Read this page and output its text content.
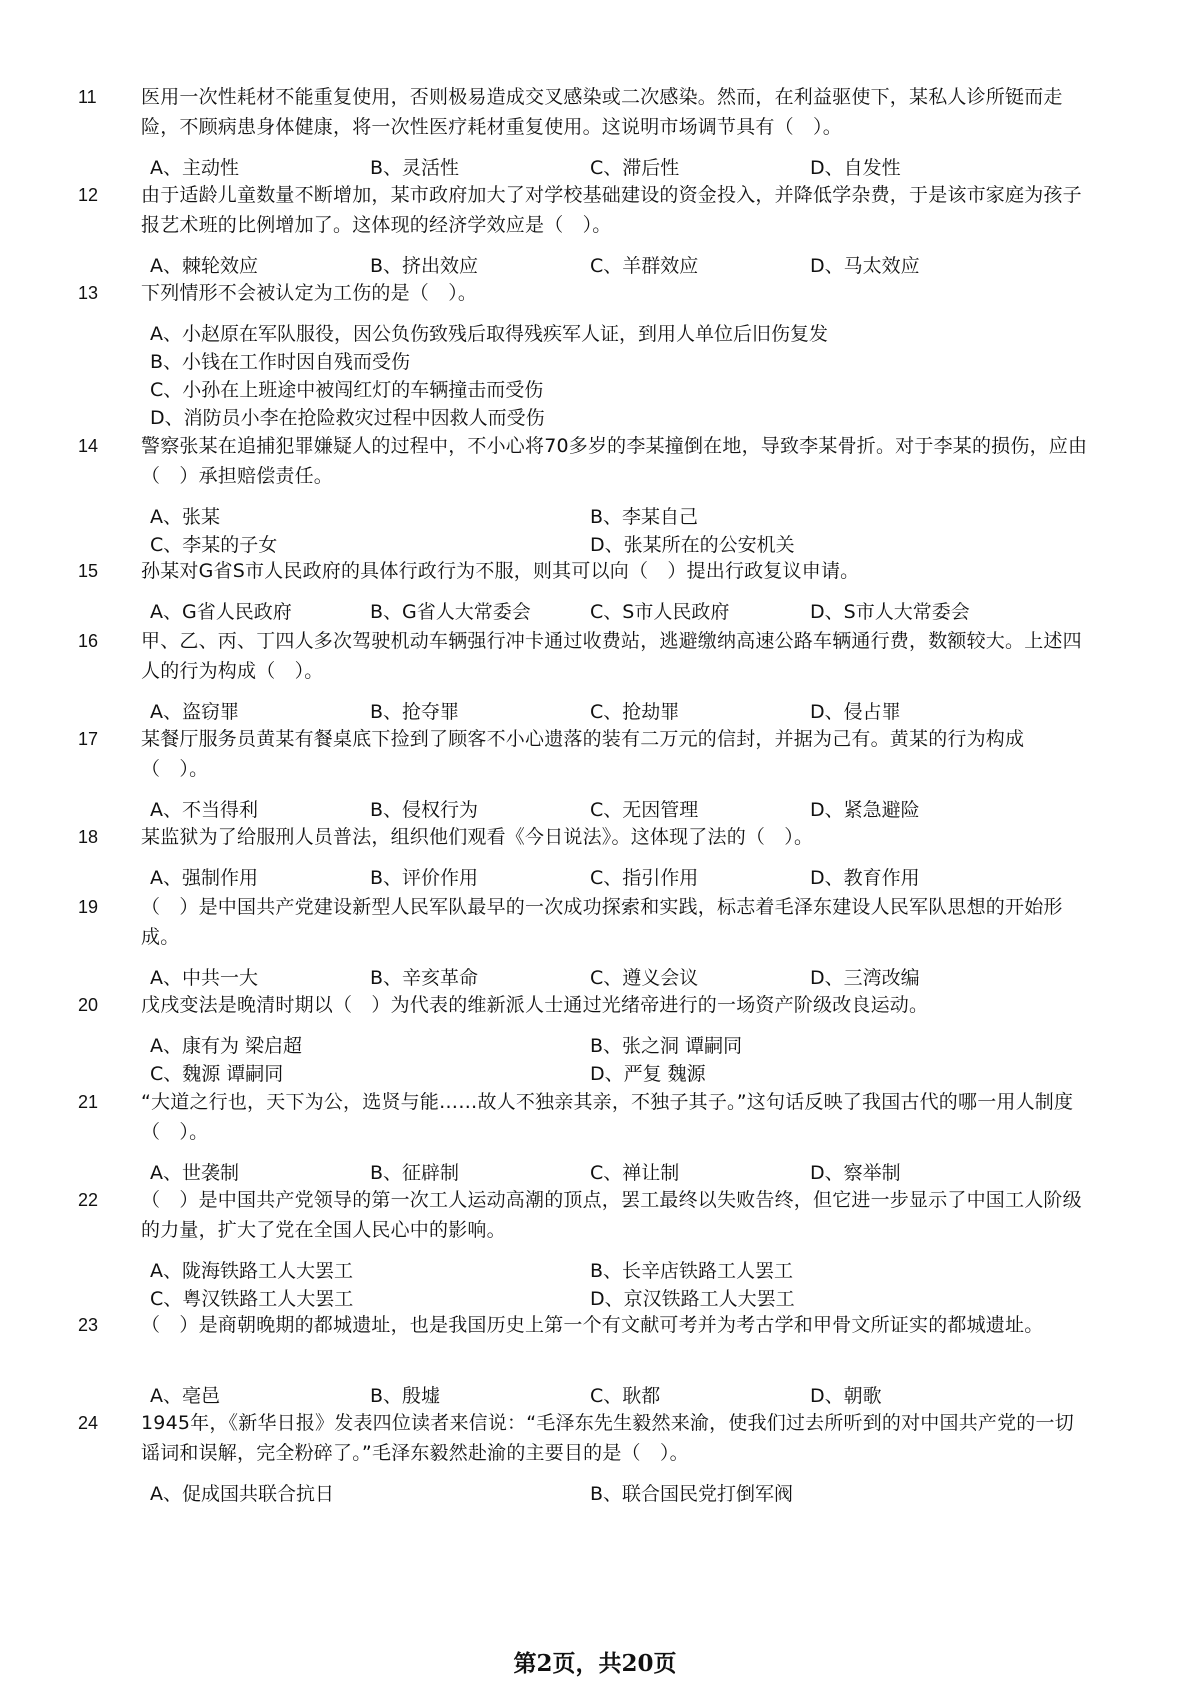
11	医用一次性耗材不能重复使用，否则极易造成交叉感染或二次感染。然而，在利益驱使下，某私人诊所铤而走险，不顾病患身体健康，将一次性医疗耗材重复使用。这说明市场调节具有（　）。
A、主动性	B、灵活性	C、滞后性	D、自发性
12	由于适龄儿童数量不断增加，某市政府加大了对学校基础建设的资金投入，并降低学杂费，于是该市家庭为孩子报艺术班的比例增加了。这体现的经济学效应是（　）。
A、棘轮效应	B、挤出效应	C、羊群效应	D、马太效应
13	下列情形不会被认定为工伤的是（　）。
A、小赵原在军队服役，因公负伤致残后取得残疾军人证，到用人单位后旧伤复发
B、小钱在工作时因自残而受伤
C、小孙在上班途中被闯红灯的车辆撞击而受伤
D、消防员小李在抢险救灾过程中因救人而受伤
14	警察张某在追捕犯罪嫌疑人的过程中，不小心将70多岁的李某撞倒在地，导致李某骨折。对于李某的损伤，应由（　）承担赔偿责任。
A、张某	B、李某自己
C、李某的子女	D、张某所在的公安机关
15	孙某对G省S市人民政府的具体行政行为不服，则其可以向（　）提出行政复议申请。
A、G省人民政府	B、G省人大常委会	C、S市人民政府	D、S市人大常委会
16	甲、乙、丙、丁四人多次驾驶机动车辆强行冲卡通过收费站，逃避缴纳高速公路车辆通行费，数额较大。上述四人的行为构成（　）。
A、盗窃罪	B、抢夺罪	C、抢劫罪	D、侵占罪
17	某餐厅服务员黄某有餐桌底下捡到了顾客不小心遗落的装有二万元的信封，并据为己有。黄某的行为构成（　）。
A、不当得利	B、侵权行为	C、无因管理	D、紧急避险
18	某监狱为了给服刑人员普法，组织他们观看《今日说法》。这体现了法的（　）。
A、强制作用	B、评价作用	C、指引作用	D、教育作用
19	（　）是中国共产党建设新型人民军队最早的一次成功探索和实践，标志着毛泽东建设人民军队思想的开始形成。
A、中共一大	B、辛亥革命	C、遵义会议	D、三湾改编
20	戊戌变法是晚清时期以（　）为代表的维新派人士通过光绪帝进行的一场资产阶级改良运动。
A、康有为 梁启超	B、张之洞 谭嗣同
C、魏源 谭嗣同	D、严复 魏源
21	“大道之行也，天下为公，选贤与能……故人不独亲其亲，不独子其子。”这句话反映了我国古代的哪一用人制度（　）。
A、世袭制	B、征辟制	C、禅让制	D、察举制
22	（　）是中国共产党领导的第一次工人运动高潮的顶点，罢工最终以失败告终，但它进一步显示了中国工人阶级的力量，扩大了党在全国人民心中的影响。
A、陇海铁路工人大罢工	B、长辛店铁路工人罢工
C、粤汉铁路工人大罢工	D、京汉铁路工人大罢工
23	（　）是商朝晚期的都城遗址，也是我国历史上第一个有文献可考并为考古学和甲骨文所证实的都城遗址。
A、亳邑	B、殷墟	C、耿都	D、朝歌
24	1945年，《新华日报》发表四位读者来信说：“毛泽东先生毅然来渝，使我们过去所听到的对中国共产党的一切谣词和误解，完全粉碎了。”毛泽东毅然赴渝的主要目的是（　）。
A、促成国共联合抗日	B、联合国民党打倒军阀
第2页，共20页
